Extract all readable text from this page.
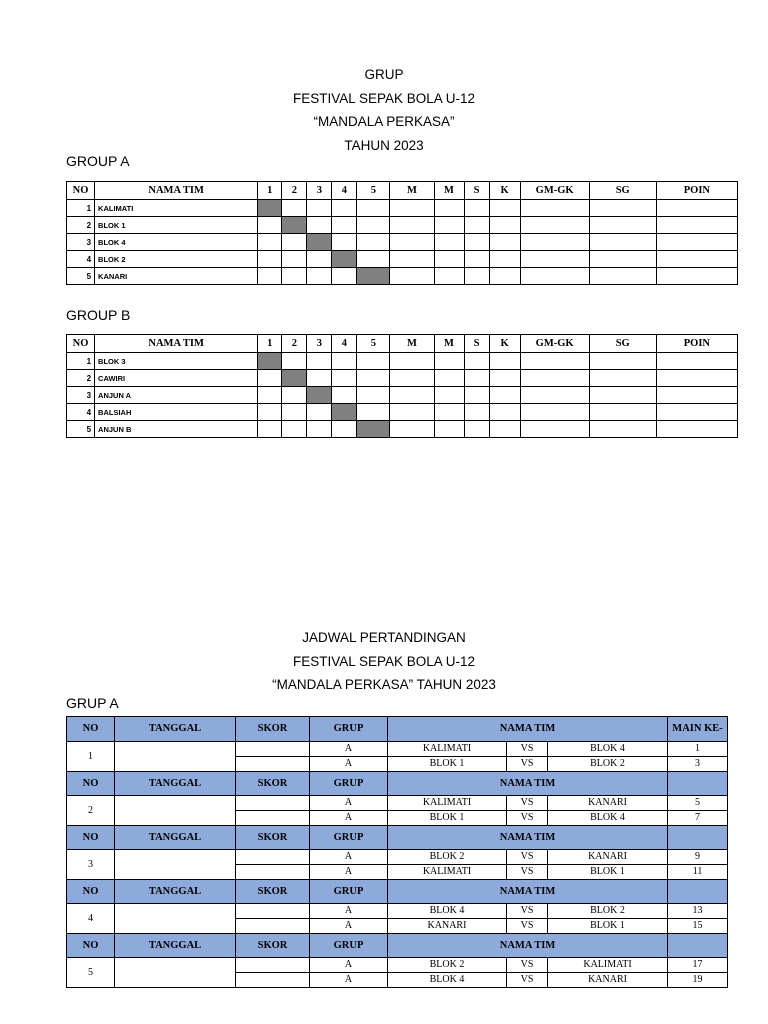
GRUP
FESTIVAL SEPAK BOLA U-12
“MANDALA PERKASA”
TAHUN 2023
GROUP A
NO	NAMA TIM	1	2	3	4	5	M	M	S	K	GM-GK	SG	POIN
1	KALIMATI												
2	BLOK 1												
3	BLOK 4												
4	BLOK 2												
5	KANARI												
GROUP B
NO	NAMA TIM	1	2	3	4	5	M	M	S	K	GM-GK	SG	POIN
1	BLOK 3												
2	CAWIRI												
3	ANJUN A												
4	BALSIAH												
5	ANJUN B												
JADWAL PERTANDINGAN
FESTIVAL SEPAK BOLA U-12
“MANDALA PERKASA” TAHUN 2023
GRUP A
NO	TANGGAL	SKOR	GRUP	NAMA TIM			MAIN KE-
1			A	KALIMATI	VS	BLOK 4	1
			A	BLOK 1	VS	BLOK 2	3
NO	TANGGAL	SKOR	GRUP	NAMA TIM			
2			A	KALIMATI	VS	KANARI	5
			A	BLOK 1	VS	BLOK 4	7
NO	TANGGAL	SKOR	GRUP	NAMA TIM			
3			A	BLOK 2	VS	KANARI	9
			A	KALIMATI	VS	BLOK 1	11
NO	TANGGAL	SKOR	GRUP	NAMA TIM			
4			A	BLOK 4	VS	BLOK 2	13
			A	KANARI	VS	BLOK 1	15
NO	TANGGAL	SKOR	GRUP	NAMA TIM			
5			A	BLOK 2	VS	KALIMATI	17
			A	BLOK 4	VS	KANARI	19
